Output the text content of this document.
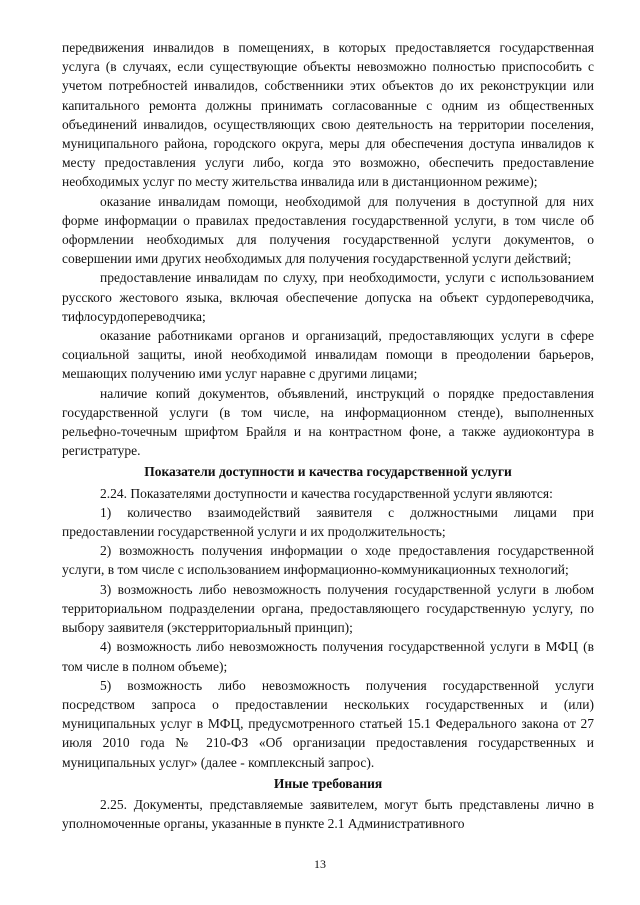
передвижения инвалидов в помещениях, в которых предоставляется государственная услуга (в случаях, если существующие объекты невозможно полностью приспособить с учетом потребностей инвалидов, собственники этих объектов до их реконструкции или капитального ремонта должны принимать согласованные с одним из общественных объединений инвалидов, осуществляющих свою деятельность на территории поселения, муниципального района, городского округа, меры для обеспечения доступа инвалидов к месту предоставления услуги либо, когда это возможно, обеспечить предоставление необходимых услуг по месту жительства инвалида или в дистанционном режиме);

оказание инвалидам помощи, необходимой для получения в доступной для них форме информации о правилах предоставления государственной услуги, в том числе об оформлении необходимых для получения государственной услуги документов, о совершении ими других необходимых для получения государственной услуги действий;

предоставление инвалидам по слуху, при необходимости, услуги с использованием русского жестового языка, включая обеспечение допуска на объект сурдопереводчика, тифлосурдопереводчика;

оказание работниками органов и организаций, предоставляющих услуги в сфере социальной защиты, иной необходимой инвалидам помощи в преодолении барьеров, мешающих получению ими услуг наравне с другими лицами;

наличие копий документов, объявлений, инструкций о порядке предоставления государственной услуги (в том числе, на информационном стенде), выполненных рельефно-точечным шрифтом Брайля и на контрастном фоне, а также аудиоконтура в регистратуре.

Показатели доступности и качества государственной услуги

2.24. Показателями доступности и качества государственной услуги являются:

1) количество взаимодействий заявителя с должностными лицами при предоставлении государственной услуги и их продолжительность;

2) возможность получения информации о ходе предоставления государственной услуги, в том числе с использованием информационно-коммуникационных технологий;

3) возможность либо невозможность получения государственной услуги в любом территориальном подразделении органа, предоставляющего государственную услугу, по выбору заявителя (экстерриториальный принцип);

4) возможность либо невозможность получения государственной услуги в МФЦ (в том числе в полном объеме);

5) возможность либо невозможность получения государственной услуги посредством запроса о предоставлении нескольких государственных и (или) муниципальных услуг в МФЦ, предусмотренного статьей 15.1 Федерального закона от 27 июля 2010 года № 210-ФЗ «Об организации предоставления государственных и муниципальных услуг» (далее - комплексный запрос).

Иные требования

2.25. Документы, представляемые заявителем, могут быть представлены лично в уполномоченные органы, указанные в пункте 2.1 Административного

13
